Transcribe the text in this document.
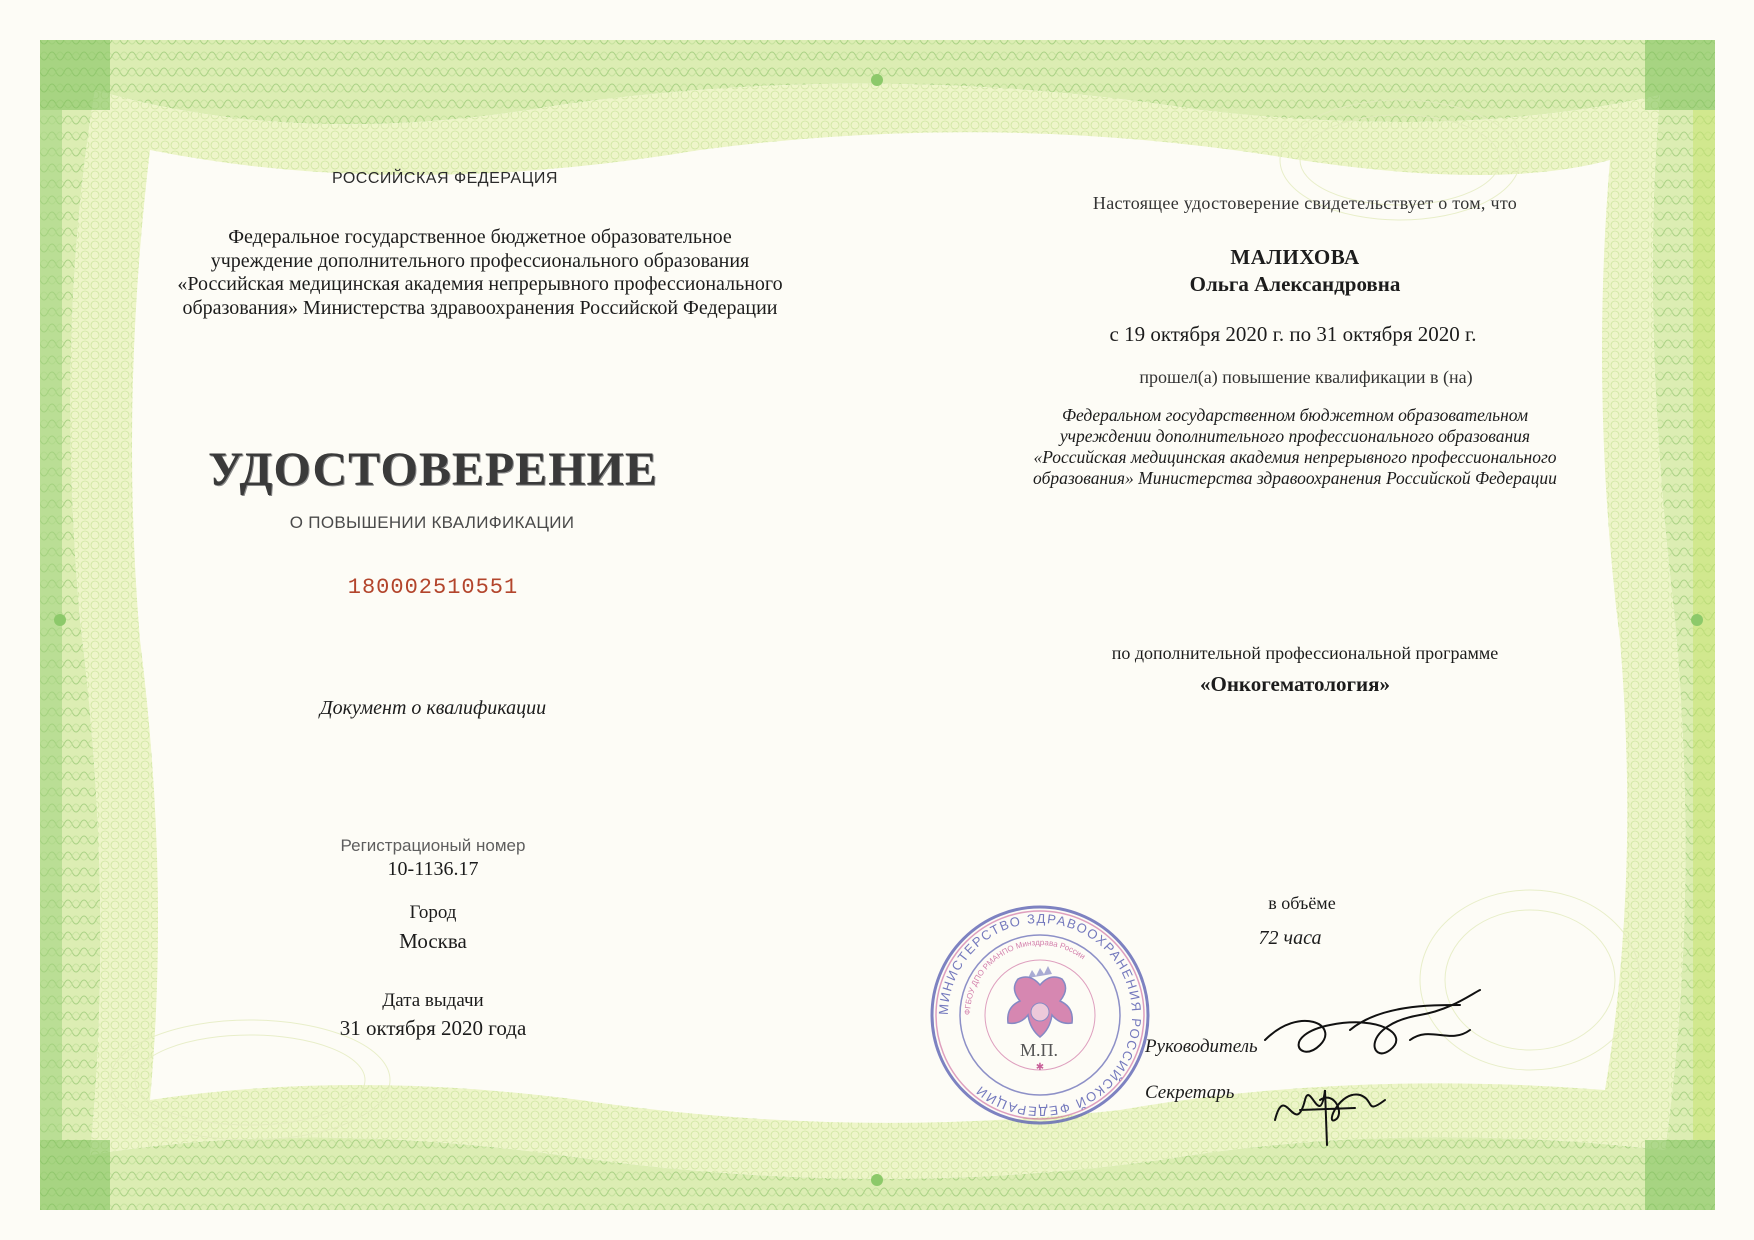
РОССИЙСКАЯ ФЕДЕРАЦИЯ
Федеральное государственное бюджетное образовательное
учреждение дополнительного профессионального образования
«Российская медицинская академия непрерывного профессионального
образования» Министерства здравоохранения Российской Федерации
УДОСТОВЕРЕНИЕ
О ПОВЫШЕНИИ КВАЛИФИКАЦИИ
180002510551
Документ о квалификации
Регистрационый номер
10-1136.17
Город
Москва
Дата выдачи
31 октября 2020 года
Настоящее удостоверение свидетельствует о том, что
МАЛИХОВА
Ольга Александровна
с 19 октября 2020 г. по 31 октября 2020 г.
прошел(а) повышение квалификации в (на)
Федеральном государственном бюджетном образовательном
учреждении дополнительного профессионального образования
«Российская медицинская академия непрерывного профессионального
образования» Министерства здравоохранения Российской Федерации
по дополнительной профессиональной программе
«Онкогематология»
в объёме
72 часа
МИНИСТЕРСТВО ЗДРАВООХРАНЕНИЯ РОССИЙСКОЙ ФЕДЕРАЦИИ
ФГБОУ ДПО РМАНПО Минздрава России
✱
М.П.	Руководитель
Секретарь
